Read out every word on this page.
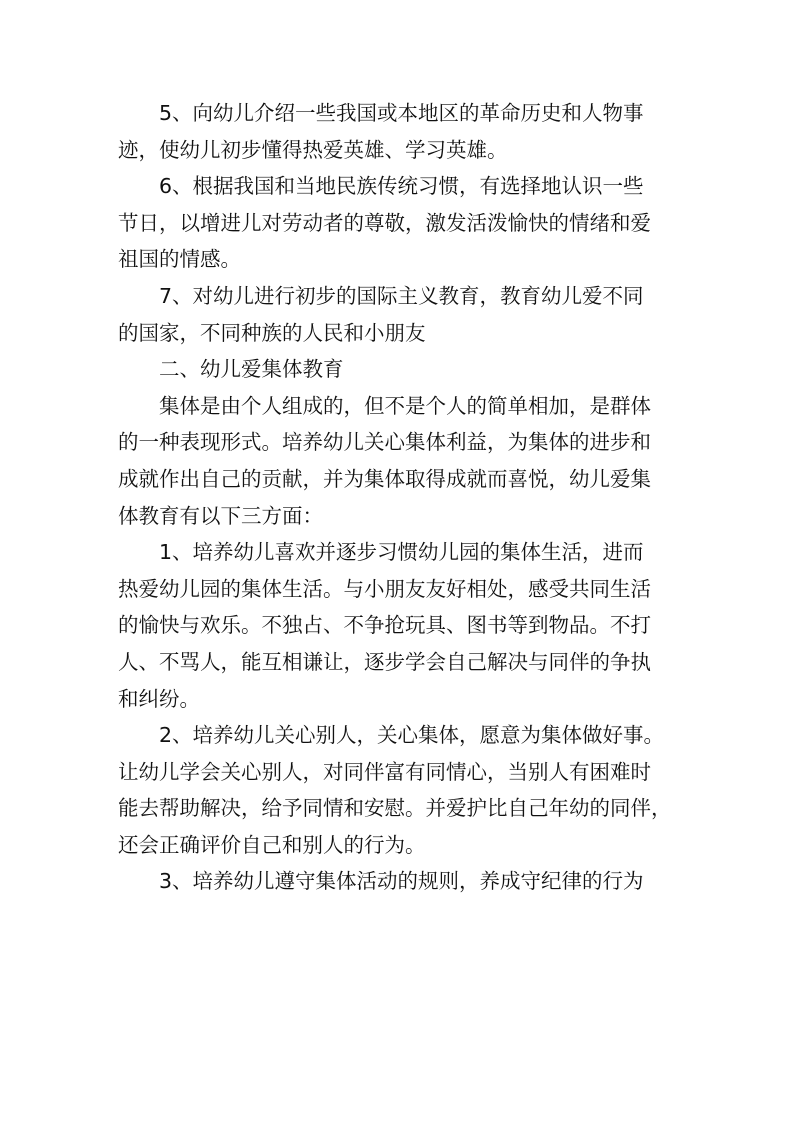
5、向幼儿介绍一些我国或本地区的革命历史和人物事
迹，使幼儿初步懂得热爱英雄、学习英雄。
6、根据我国和当地民族传统习惯，有选择地认识一些
节日，以增进儿对劳动者的尊敬，激发活泼愉快的情绪和爱
祖国的情感。
7、对幼儿进行初步的国际主义教育，教育幼儿爱不同
的国家，不同种族的人民和小朋友
二、幼儿爱集体教育
集体是由个人组成的，但不是个人的简单相加，是群体
的一种表现形式。培养幼儿关心集体利益，为集体的进步和
成就作出自己的贡献，并为集体取得成就而喜悦，幼儿爱集
体教育有以下三方面：
1、培养幼儿喜欢并逐步习惯幼儿园的集体生活，进而
热爱幼儿园的集体生活。与小朋友友好相处，感受共同生活
的愉快与欢乐。不独占、不争抢玩具、图书等到物品。不打
人、不骂人，能互相谦让，逐步学会自己解决与同伴的争执
和纠纷。
2、培养幼儿关心别人，关心集体，愿意为集体做好事。
让幼儿学会关心别人，对同伴富有同情心，当别人有困难时
能去帮助解决，给予同情和安慰。并爱护比自己年幼的同伴，
还会正确评价自己和别人的行为。
3、培养幼儿遵守集体活动的规则，养成守纪律的行为
